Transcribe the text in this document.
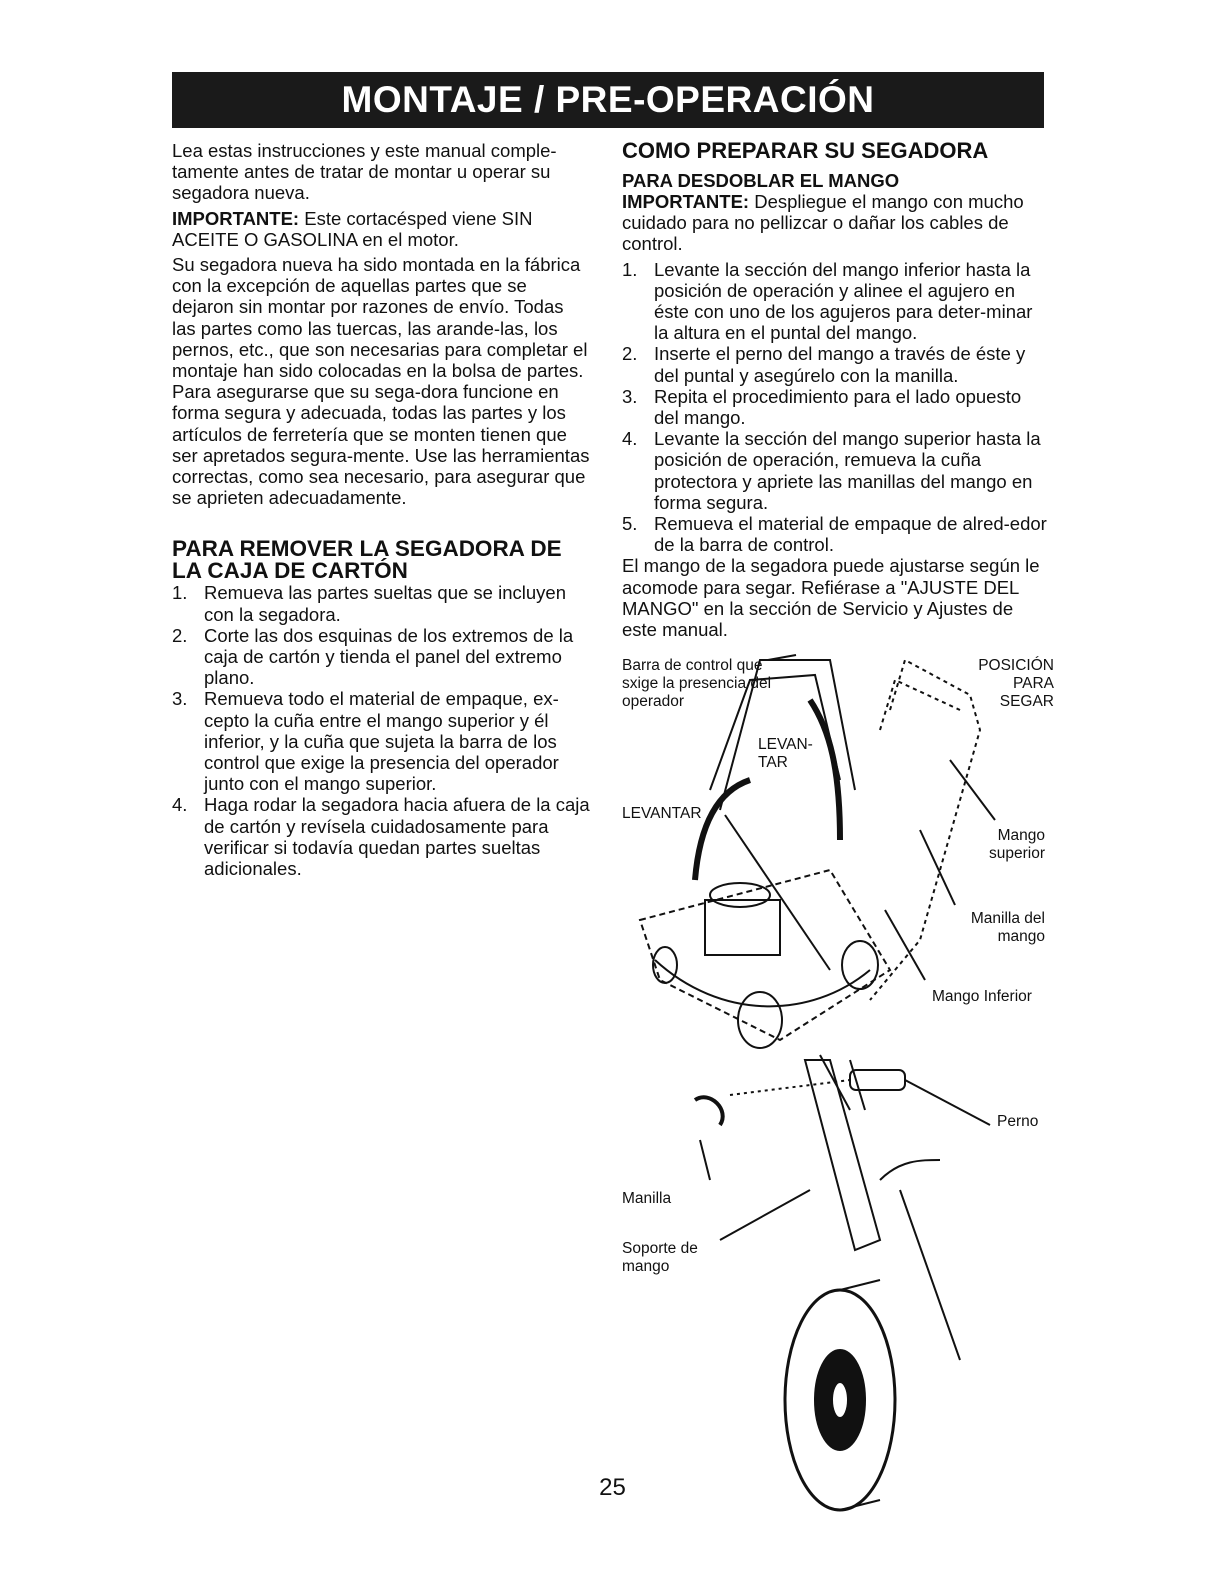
MONTAJE / PRE-OPERACIÓN

Lea estas instrucciones y este manual comple-tamente antes de tratar de montar u operar su segadora nueva.

IMPORTANTE: Este cortacésped viene SIN ACEITE O GASOLINA en el motor.

Su segadora nueva ha sido montada en la fábrica con la excepción de aquellas partes que se dejaron sin montar por razones de envío. Todas las partes como las tuercas, las arande-las, los pernos, etc., que son necesarias para completar el montaje han sido colocadas en la bolsa de partes. Para asegurarse que su sega-dora funcione en forma segura y adecuada, todas las partes y los artículos de ferretería que se monten tienen que ser apretados segura-mente. Use las herramientas correctas, como sea necesario, para asegurar que se aprieten adecuadamente.

PARA REMOVER LA SEGADORA DE LA CAJA DE CARTÓN
1. Remueva las partes sueltas que se incluyen con la segadora.
2. Corte las dos esquinas de los extremos de la caja de cartón y tienda el panel del extremo plano.
3. Remueva todo el material de empaque, ex-cepto la cuña entre el mango superior y él inferior, y la cuña que sujeta la barra de los control que exige la presencia del operador junto con el mango superior.
4. Haga rodar la segadora hacia afuera de la caja de cartón y revísela cuidadosamente para verificar si todavía quedan partes sueltas adicionales.
COMO PREPARAR SU SEGADORA
PARA DESDOBLAR EL MANGO

IMPORTANTE: Despliegue el mango con mucho cuidado para no pellizcar o dañar los cables de control.

1. Levante la sección del mango inferior hasta la posición de operación y alinee el agujero en éste con uno de los agujeros para deter-minar la altura en el puntal del mango.
2. Inserte el perno del mango a través de éste y del puntal y asegúrelo con la manilla.
3. Repita el procedimiento para el lado opuesto del mango.
4. Levante la sección del mango superior hasta la posición de operación, remueva la cuña protectora y apriete las manillas del mango en forma segura.
5. Remueva el material de empaque de alred-edor de la barra de control.

El mango de la segadora puede ajustarse según le acomode para segar. Refiérase a "AJUSTE DEL MANGO" en la sección de Servicio y Ajustes de este manual.

Barra de control que sxige la presencia del operador
POSICIÓN PARA SEGAR
LEVAN-TAR
LEVANTAR
Mango superior
Manilla del mango
Mango Inferior
Perno
Manilla
Soporte de mango
25
